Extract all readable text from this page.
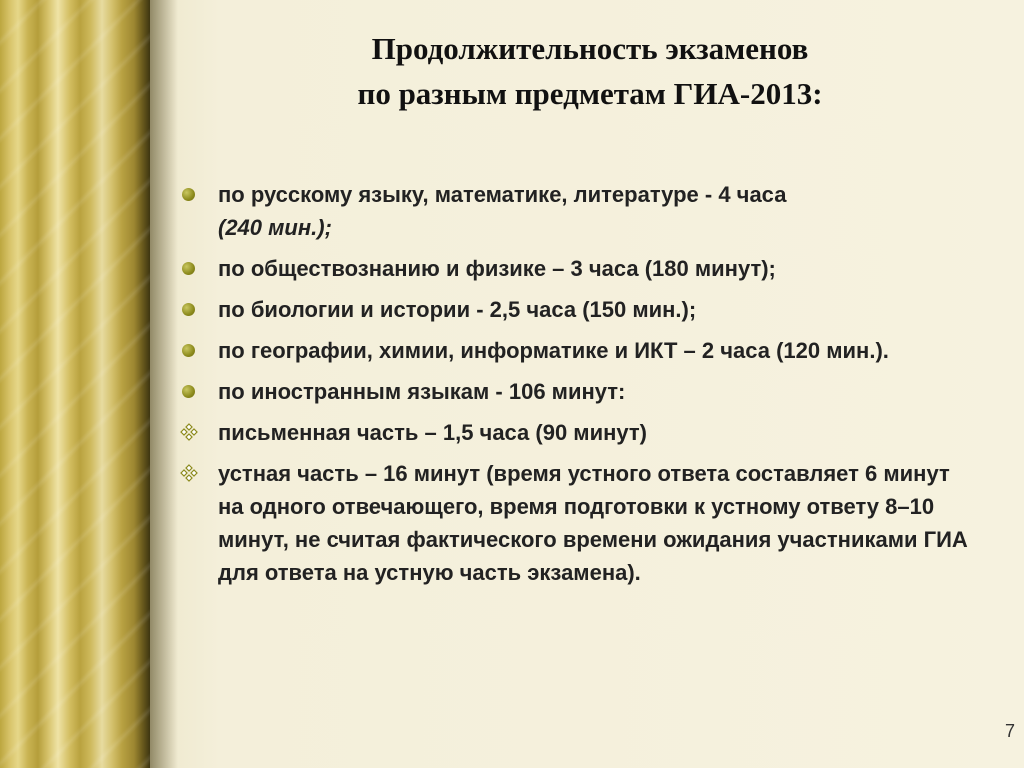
Продолжительность экзаменов
по разным предметам ГИА-2013:
по русскому языку, математике, литературе - 4 часа
(240 мин.);
по обществознанию и физике – 3 часа (180 минут);
по биологии и истории - 2,5 часа (150 мин.);
по географии, химии, информатике и ИКТ – 2 часа (120 мин.).
по иностранным языкам - 106 минут:
письменная часть – 1,5 часа (90 минут)
устная часть – 16 минут (время устного ответа составляет 6 минут на одного отвечающего, время подготовки к устному ответу 8–10 минут, не считая фактического времени ожидания участниками ГИА для ответа на устную часть экзамена).
7
